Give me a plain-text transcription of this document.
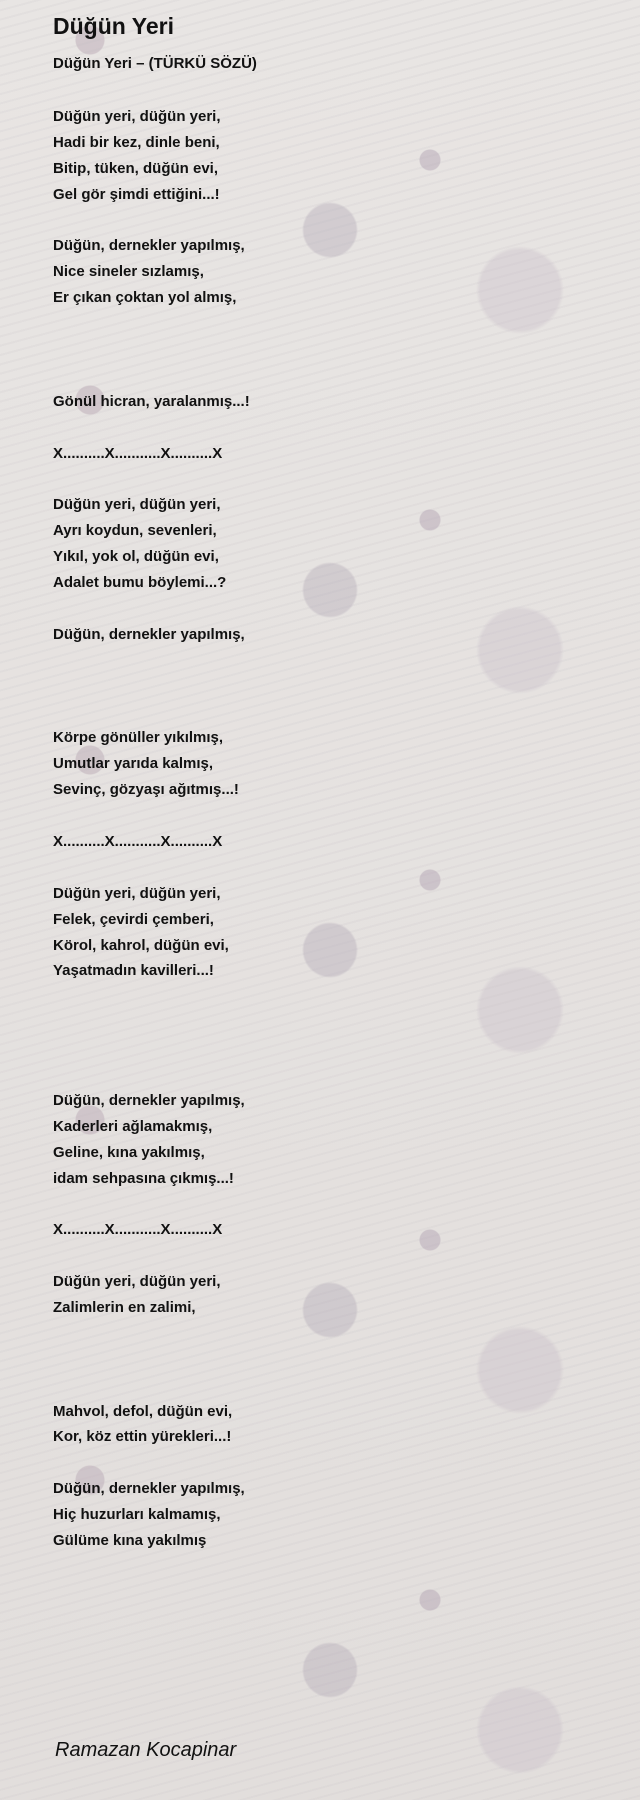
Düğün Yeri
Düğün Yeri – (TÜRKÜ SÖZÜ)
Düğün yeri, düğün yeri,
Hadi bir kez, dinle beni,
Bitip, tüken, düğün evi,
Gel gör şimdi ettiğini...!
Düğün, dernekler yapılmış,
Nice sineler sızlamış,
Er çıkan çoktan yol almış,
Gönül hicran, yaralanmış...!
X..........X...........X..........X
Düğün yeri, düğün yeri,
Ayrı koydun, sevenleri,
Yıkıl, yok ol, düğün evi,
Adalet bumu böylemi...?
Düğün, dernekler yapılmış,
Körpe gönüller yıkılmış,
Umutlar yarıda kalmış,
Sevinç, gözyaşı ağıtmış...!
X..........X...........X..........X
Düğün yeri, düğün yeri,
Felek, çevirdi çemberi,
Körol, kahrol, düğün evi,
Yaşatmadın kavilleri...!
Düğün, dernekler yapılmış,
Kaderleri ağlamakmış,
Geline, kına yakılmış,
idam sehpasına çıkmış...!
X..........X...........X..........X
Düğün yeri, düğün yeri,
Zalimlerin en zalimi,
Mahvol, defol, düğün evi,
Kor, köz ettin yürekleri...!
Düğün, dernekler yapılmış,
Hiç huzurları kalmamış,
Gülüme kına yakılmış
Ramazan Kocapinar
